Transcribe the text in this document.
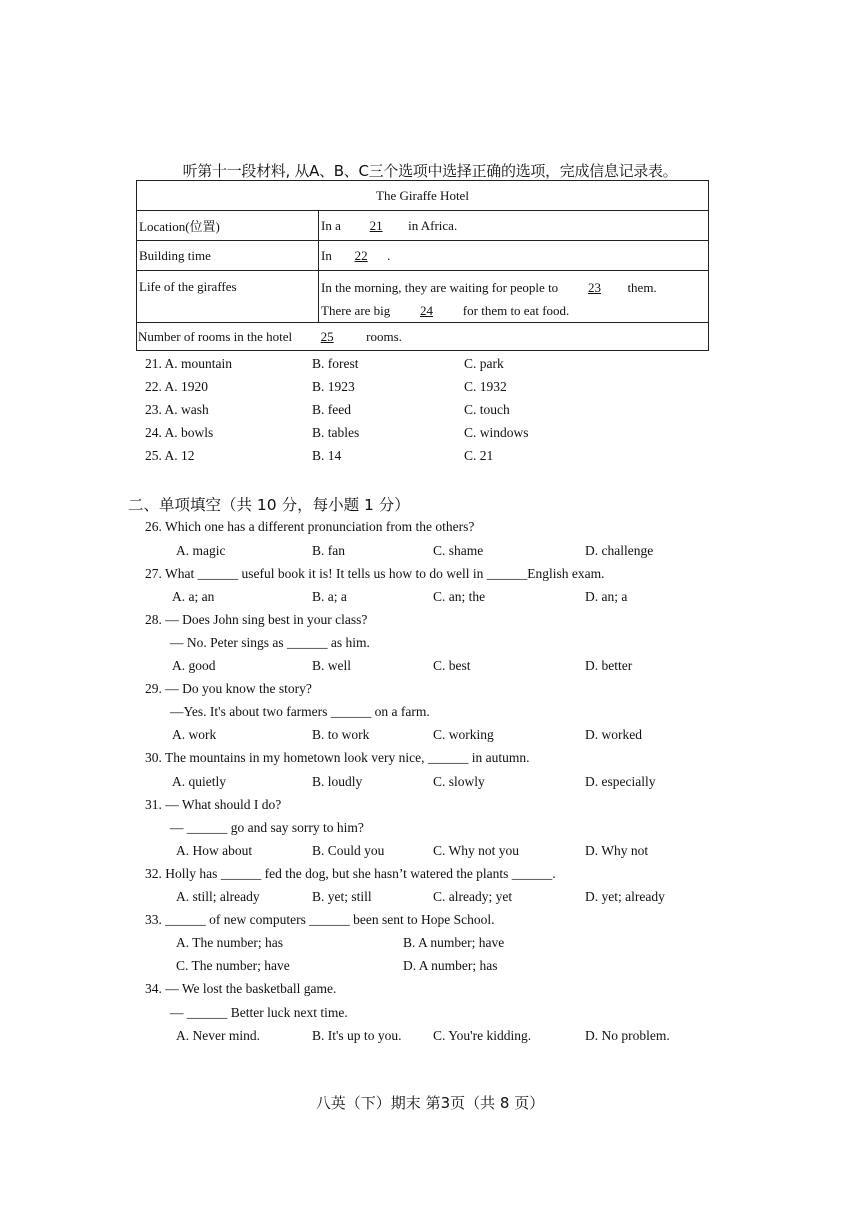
听第十一段材料, 从A、B、C三个选项中选择正确的选项，完成信息记录表。
The Giraffe Hotel	
Location(位置)	In a 21 in Africa.
Building time	In 22 .
Life of the giraffes	In the morning, they are waiting for people to 23 them.
There are big 24 for them to eat food.

Number of rooms in the hotel 25 rooms.	
21. A. mountain	B. forest	C. park
22. A. 1920	B. 1923	C. 1932
23. A. wash	B. feed	C. touch
24. A. bowls	B. tables	C. windows
25. A. 12	B. 14	C. 21
二、单项填空（共 10 分，每小题 1 分）
26. Which one has a different pronunciation from the others?
A. magic	B. fan	C. shame	D. challenge
27. What ______ useful book it is! It tells us how to do well in ______English exam.
A. a; an	B. a; a	C. an; the	D. an; a
28. — Does John sing best in your class?
— No. Peter sings as ______ as him.
A. good	B. well	C. best	D. better
29. — Do you know the story?
—Yes. It's about two farmers ______ on a farm.
A. work	B. to work	C. working	D. worked
30. The mountains in my hometown look very nice, ______ in autumn.
A. quietly	B. loudly	C. slowly	D. especially
31. — What should I do?
— ______ go and say sorry to him?
A. How about	B. Could you	C. Why not you	D. Why not
32. Holly has ______ fed the dog, but she hasn’t watered the plants ______.
A. still; already	B. yet; still	C. already; yet	D. yet; already
33. ______ of new computers ______ been sent to Hope School.
A. The number; has	B. A number; have
C. The number; have	D. A number; has
34. — We lost the basketball game.
— ______ Better luck next time.
A. Never mind.	B. It's up to you. C. You're kidding.	D. No problem.
八英（下）期末 第3页（共 8 页）
